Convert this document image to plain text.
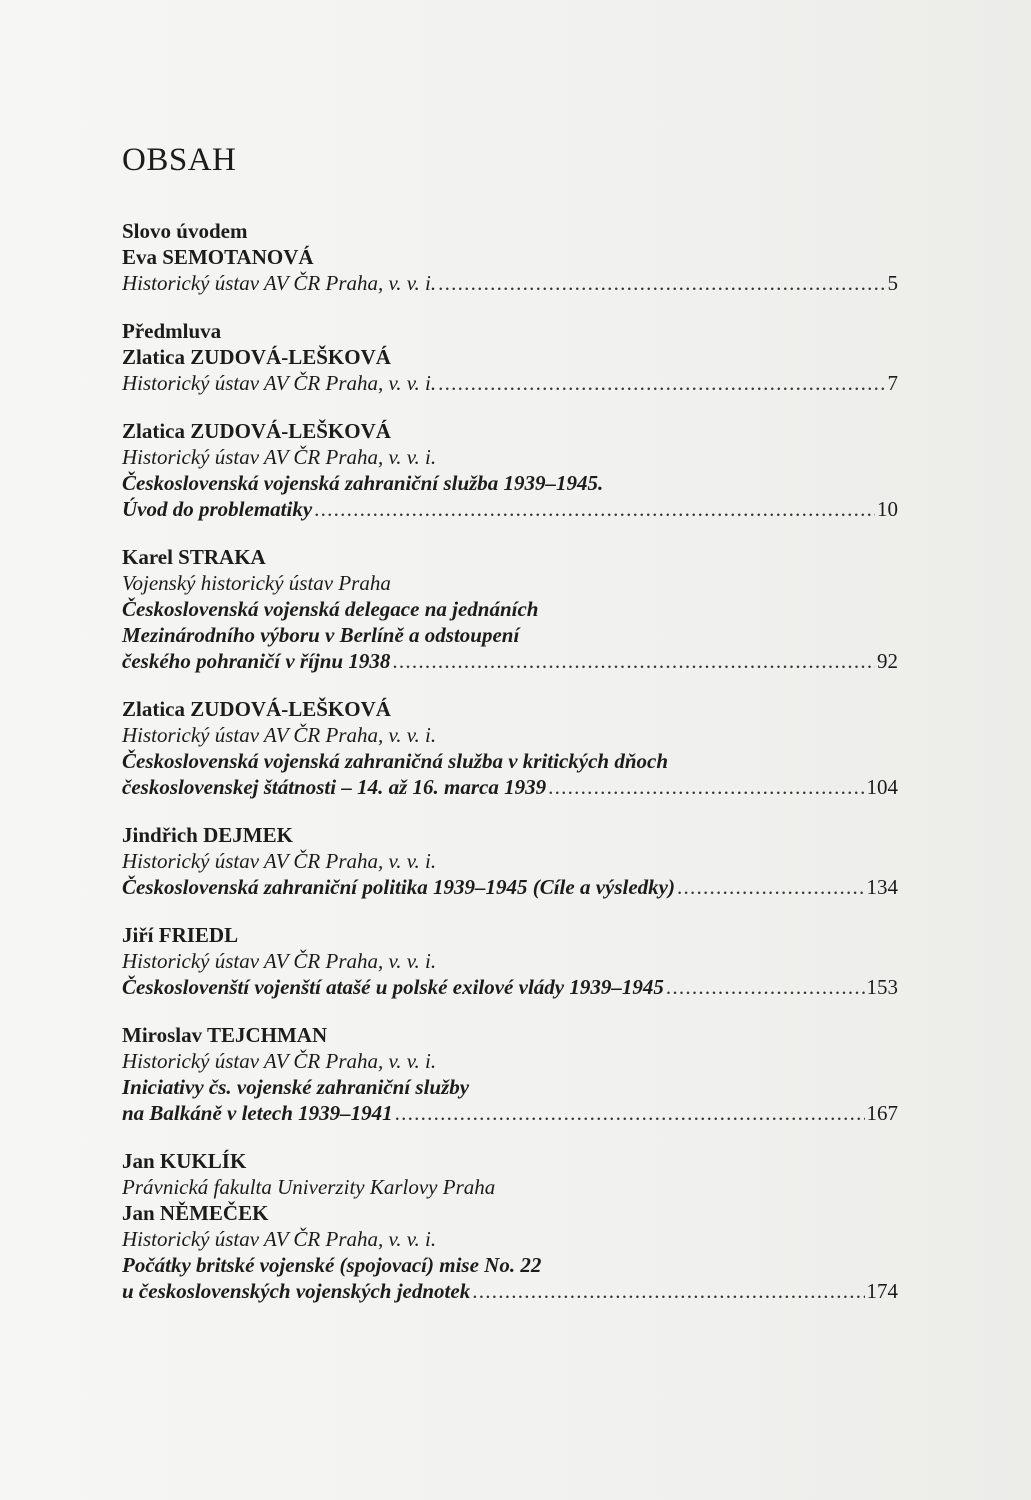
OBSAH
Slovo úvodem
Eva SEMOTANOVÁ
Historický ústav AV ČR Praha, v. v. i. . . .	5
Předmluva
Zlatica ZUDOVÁ-LEŠKOVÁ
Historický ústav AV ČR Praha, v. v. i. . . .	7
Zlatica ZUDOVÁ-LEŠKOVÁ
Historický ústav AV ČR Praha, v. v. i.
Československá vojenská zahraniční služba 1939–1945.
Úvod do problematiky . . .	10
Karel STRAKA
Vojenský historický ústav Praha
Československá vojenská delegace na jednáních
Mezinárodního výboru v Berlíně a odstoupení
českého pohraničí v říjnu 1938 . . .	92
Zlatica ZUDOVÁ-LEŠKOVÁ
Historický ústav AV ČR Praha, v. v. i.
Československá vojenská zahraničná služba v kritických dňoch
československej štátnosti – 14. až 16. marca 1939 . . .	104
Jindřich DEJMEK
Historický ústav AV ČR Praha, v. v. i.
Československá zahraniční politika 1939–1945 (Cíle a výsledky) . . .	134
Jiří FRIEDL
Historický ústav AV ČR Praha, v. v. i.
Českoslovenští vojenští atašé u polské exilové vlády 1939–1945 . . .	153
Miroslav TEJCHMAN
Historický ústav AV ČR Praha, v. v. i.
Iniciativy čs. vojenské zahraniční služby
na Balkáně v letech 1939–1941 . . .	167
Jan KUKLÍK
Právnická fakulta Univerzity Karlovy Praha
Jan NĚMEČEK
Historický ústav AV ČR Praha, v. v. i.
Počátky britské vojenské (spojovací) mise No. 22
u československých vojenských jednotek . . .	174
